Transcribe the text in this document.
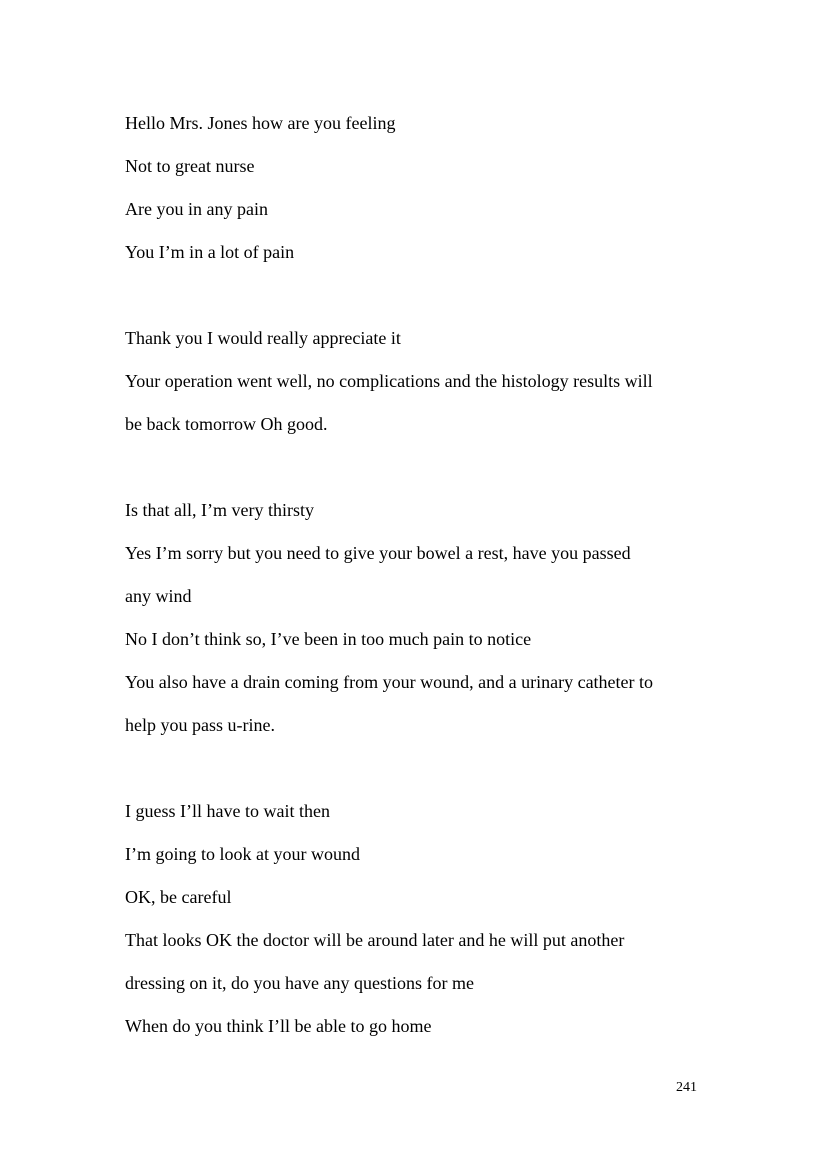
Hello Mrs. Jones how are you feeling

Not to great nurse

Are you in any pain

You I’m in a lot of pain

Thank you I would really appreciate it

Your operation went well, no complications and the histology results will

be back tomorrow Oh good.

Is that all, I’m very thirsty

Yes I’m sorry but you need to give your bowel a rest, have you passed

any wind

No I don’t think so, I’ve been in too much pain to notice

You also have a drain coming from your wound, and a urinary catheter to

help you pass u-rine.

I guess I’ll have to wait then

I’m going to look at your wound

OK, be careful

That looks OK the doctor will be around later and he will put another

dressing on it, do you have any questions for me

When do you think I’ll be able to go home

241
